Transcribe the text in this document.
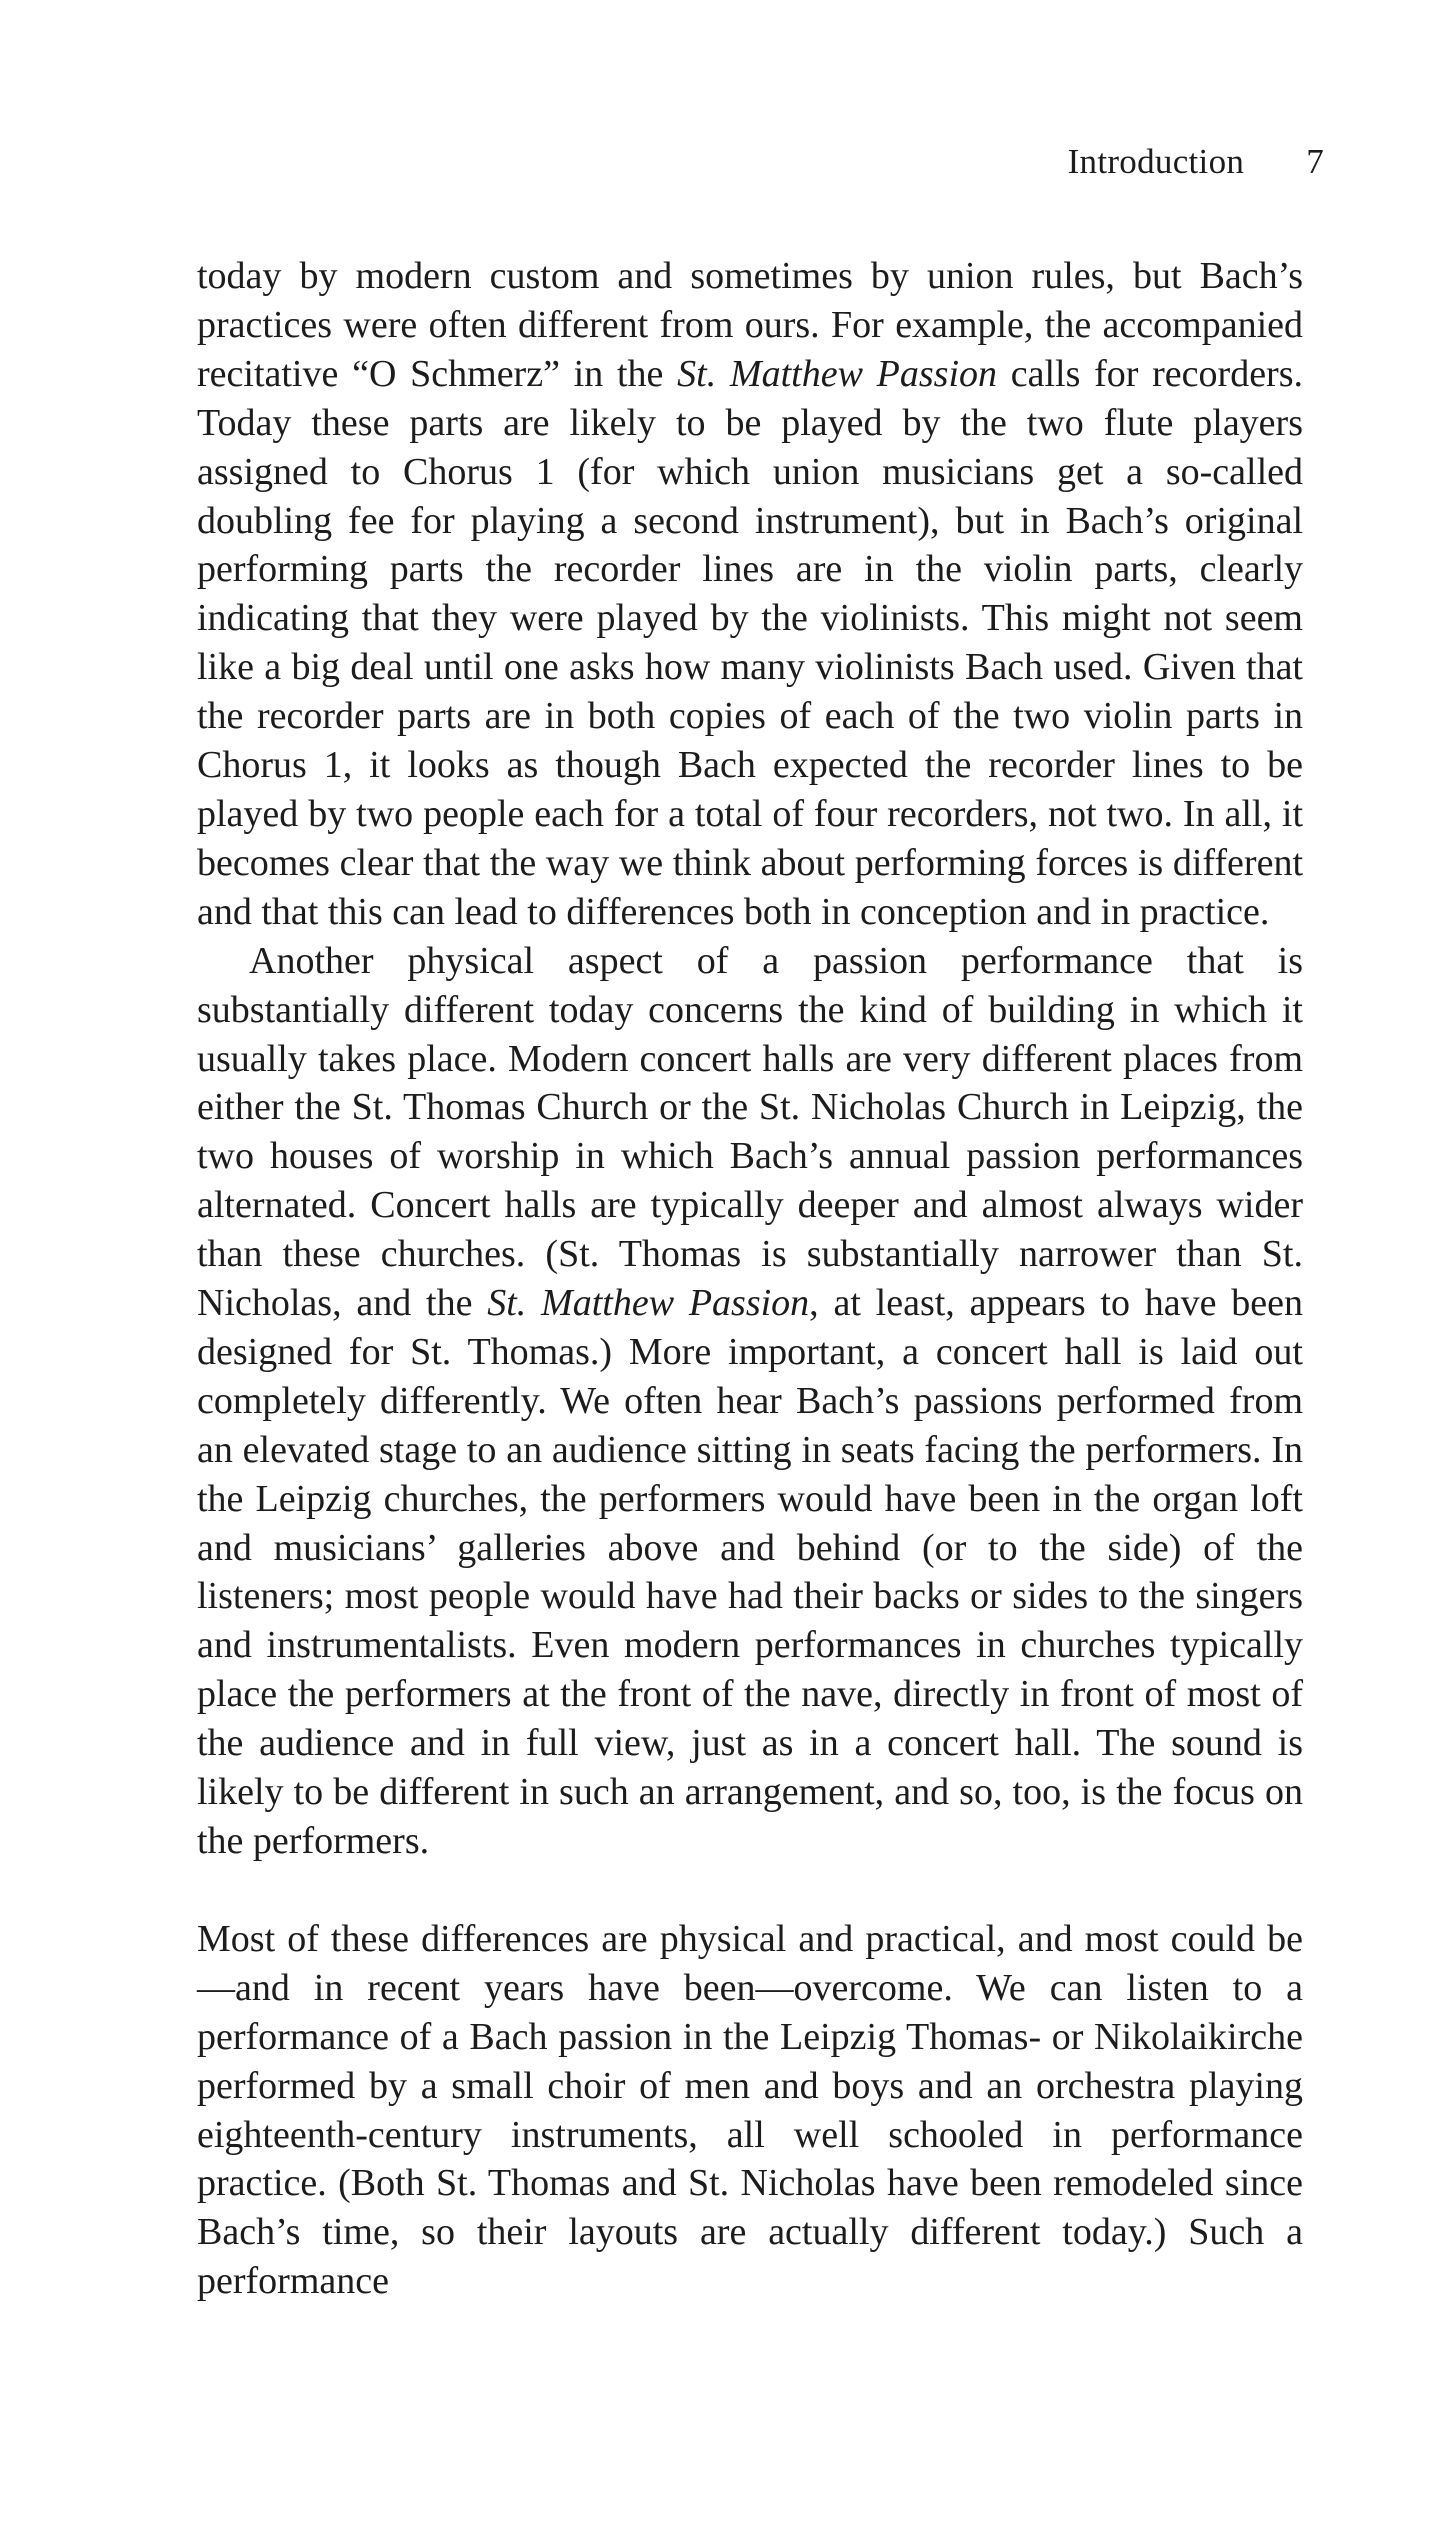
Introduction 7

today by modern custom and sometimes by union rules, but Bach’s practices were often different from ours. For example, the accompanied recitative “O Schmerz” in the St. Matthew Passion calls for recorders. Today these parts are likely to be played by the two flute players assigned to Chorus 1 (for which union musicians get a so-called doubling fee for playing a second instrument), but in Bach’s original performing parts the recorder lines are in the violin parts, clearly indicating that they were played by the violinists. This might not seem like a big deal until one asks how many violinists Bach used. Given that the recorder parts are in both copies of each of the two violin parts in Chorus 1, it looks as though Bach expected the recorder lines to be played by two people each for a total of four recorders, not two. In all, it becomes clear that the way we think about performing forces is different and that this can lead to differences both in conception and in practice.

Another physical aspect of a passion performance that is substantially different today concerns the kind of building in which it usually takes place. Modern concert halls are very different places from either the St. Thomas Church or the St. Nicholas Church in Leipzig, the two houses of worship in which Bach’s annual passion performances alternated. Concert halls are typically deeper and almost always wider than these churches. (St. Thomas is substantially narrower than St. Nicholas, and the St. Matthew Passion, at least, appears to have been designed for St. Thomas.) More important, a concert hall is laid out completely differently. We often hear Bach’s passions performed from an elevated stage to an audience sitting in seats facing the performers. In the Leipzig churches, the performers would have been in the organ loft and musicians’ galleries above and behind (or to the side) of the listeners; most people would have had their backs or sides to the singers and instrumentalists. Even modern performances in churches typically place the performers at the front of the nave, directly in front of most of the audience and in full view, just as in a concert hall. The sound is likely to be different in such an arrangement, and so, too, is the focus on the performers.

Most of these differences are physical and practical, and most could be—and in recent years have been—overcome. We can listen to a performance of a Bach passion in the Leipzig Thomas- or Nikolaikirche performed by a small choir of men and boys and an orchestra playing eighteenth-century instruments, all well schooled in performance practice. (Both St. Thomas and St. Nicholas have been remodeled since Bach’s time, so their layouts are actually different today.) Such a performance
